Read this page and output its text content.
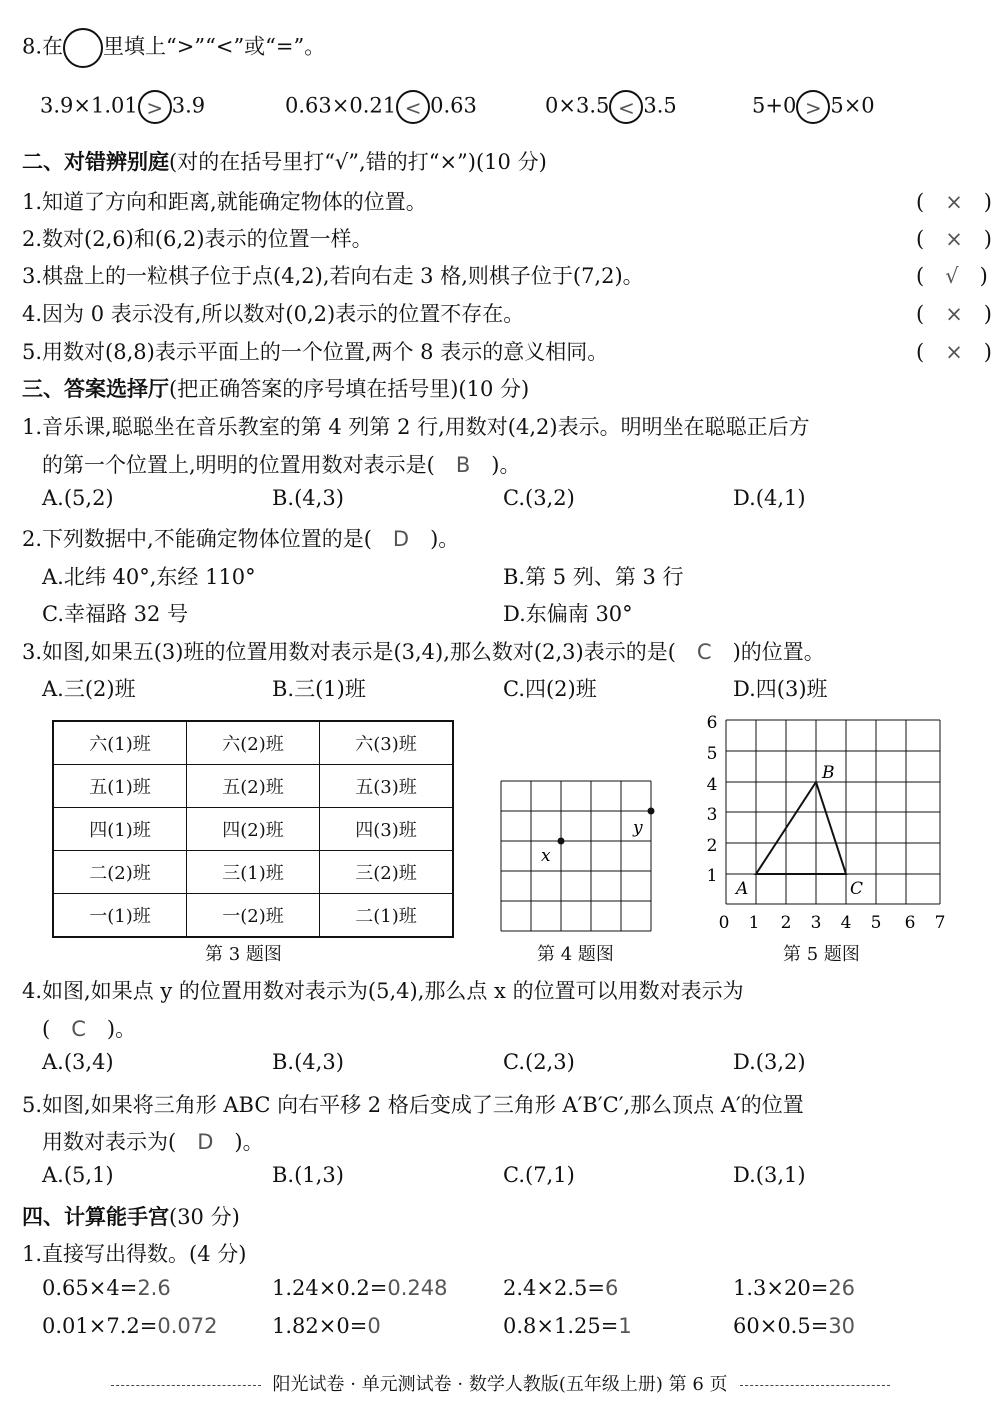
8.在 里填上“>”“<”或“=”。
3.9×1.01 > 3.9	0.63×0.21 < 0.63	0×3.5 < 3.5	5+0 > 5×0
二、对错辨别庭(对的在括号里打“√”,错的打“×”)(10 分)
1.知道了方向和距离,就能确定物体的位置。	(　×　)
2.数对(2,6)和(6,2)表示的位置一样。	(　×　)
3.棋盘上的一粒棋子位于点(4,2),若向右走 3 格,则棋子位于(7,2)。	(　√　)
4.因为 0 表示没有,所以数对(0,2)表示的位置不存在。	(　×　)
5.用数对(8,8)表示平面上的一个位置,两个 8 表示的意义相同。	(　×　)
三、答案选择厅(把正确答案的序号填在括号里)(10 分)
1.音乐课,聪聪坐在音乐教室的第 4 列第 2 行,用数对(4,2)表示。明明坐在聪聪正后方
的第一个位置上,明明的位置用数对表示是(　 B　 )。
A.(5,2)	B.(4,3)	C.(3,2)	D.(4,1)
2.下列数据中,不能确定物体位置的是(　 D　 )。
A.北纬 40°,东经 110°	B.第 5 列、第 3 行
C.幸福路 32 号	D.东偏南 30°
3.如图,如果五(3)班的位置用数对表示是(3,4),那么数对(2,3)表示的是(　 C　 )的位置。
A.三(2)班	B.三(1)班	C.四(2)班	D.四(3)班
六(1)班	六(2)班	六(3)班
五(1)班	五(2)班	五(3)班
四(1)班	四(2)班	四(3)班
二(2)班	三(1)班	三(2)班
一(1)班	一(2)班	二(1)班
第 3 题图
x
y
第 4 题图
0 1 2 3 4 5 6 7
1
2
3
4
5
6
A
B
C
第 5 题图
4.如图,如果点 y 的位置用数对表示为(5,4),那么点 x 的位置可以用数对表示为
(　 C　 )。
A.(3,4)	B.(4,3)	C.(2,3)	D.(3,2)
5.如图,如果将三角形 ABC 向右平移 2 格后变成了三角形 A′B′C′,那么顶点 A′的位置
用数对表示为(　 D　 )。
A.(5,1)	B.(1,3)	C.(7,1)	D.(3,1)
四、计算能手宫(30 分)
1.直接写出得数。(4 分)
0.65×4=2.6	1.24×0.2=0.248	2.4×2.5=6	1.3×20=26
0.01×7.2=0.072	1.82×0=0	0.8×1.25=1	60×0.5=30
阳光试卷 · 单元测试卷 · 数学人教版(五年级上册) 第 6 页
